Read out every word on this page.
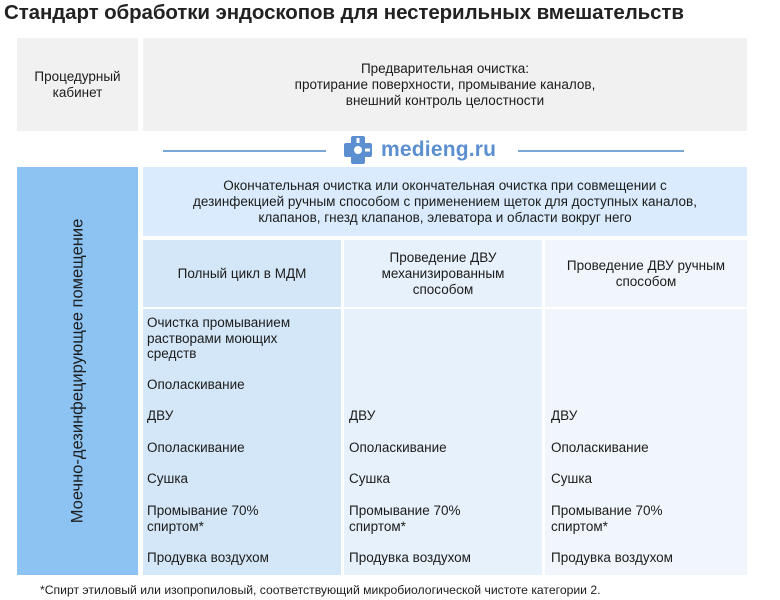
Стандарт обработки эндоскопов для нестерильных вмешательств
Процедурный
кабинет
Предварительная очистка:
протирание поверхности, промывание каналов,
внешний контроль целостности
medieng.ru
Моечно-дезинфецирующее помещение
Окончательная очистка или окончательная очистка при совмещении с
дезинфекцией ручным способом с применением щеток для доступных каналов,
клапанов, гнезд клапанов, элеватора и области вокруг него
Полный цикл в МДМ
Проведение ДВУ
механизированным
способом
Проведение ДВУ ручным
способом
Очистка промыванием
растворами моющих
средств
Ополаскивание
ДВУ
Ополаскивание
Сушка
Промывание 70%
спиртом*
Продувка воздухом
ДВУ
Ополаскивание
Сушка
Промывание 70%
спиртом*
Продувка воздухом
ДВУ
Ополаскивание
Сушка
Промывание 70%
спиртом*
Продувка воздухом
*Спирт этиловый или изопропиловый, соответствующий микробиологической чистоте категории 2.
